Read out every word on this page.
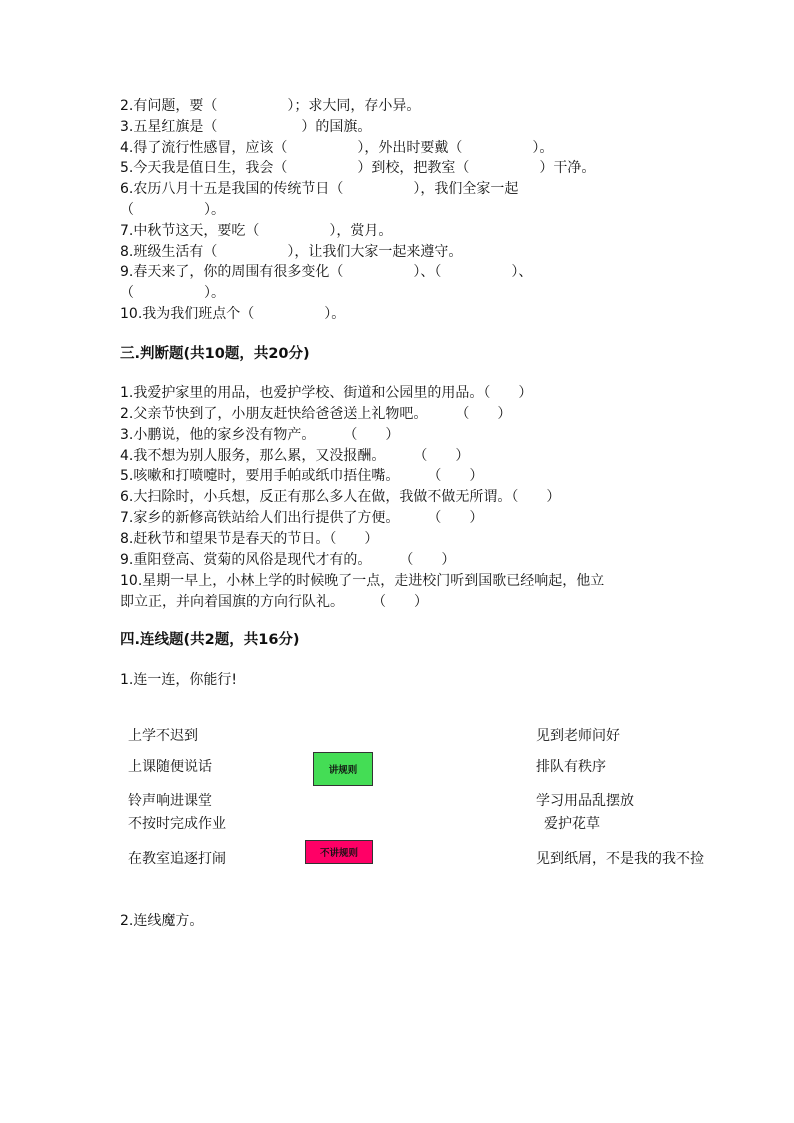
2.有问题，要（　　　　　）；求大同，存小异。
3.五星红旗是（　　　　　　）的国旗。
4.得了流行性感冒，应该（　　　　　），外出时要戴（　　　　　）。
5.今天我是值日生，我会（　　　　　）到校，把教室（　　　　　）干净。
6.农历八月十五是我国的传统节日（　　　　　），我们全家一起
（　　　　　）。
7.中秋节这天，要吃（　　　　　），赏月。
8.班级生活有（　　　　　），让我们大家一起来遵守。
9.春天来了，你的周围有很多变化（　　　　　）、（　　　　　）、
（　　　　　）。
10.我为我们班点个（　　　　　）。
三.判断题(共10题，共20分)
1.我爱护家里的用品，也爱护学校、街道和公园里的用品。（　　）
2.父亲节快到了，小朋友赶快给爸爸送上礼物吧。　　　（　　）
3.小鹏说，他的家乡没有物产。　　　（　　）
4.我不想为别人服务，那么累，又没报酬。　　　（　　）
5.咳嗽和打喷嚏时，要用手帕或纸巾捂住嘴。　　　（　　）
6.大扫除时，小兵想，反正有那么多人在做，我做不做无所谓。（　　）
7.家乡的新修高铁站给人们出行提供了方便。　　　（　　）
8.赶秋节和望果节是春天的节日。（　　）
9.重阳登高、赏菊的风俗是现代才有的。　　　（　　）
10.星期一早上，小林上学的时候晚了一点，走进校门听到国歌已经响起，他立
即立正，并向着国旗的方向行队礼。　　　（　　）
四.连线题(共2题，共16分)
1.连一连，你能行!
上学不迟到
上课随便说话
铃声响进课堂
不按时完成作业
在教室追逐打闹
讲规则
不讲规则
见到老师问好
排队有秩序
学习用品乱摆放
爱护花草
见到纸屑，不是我的我不捡
2.连线魔方。
